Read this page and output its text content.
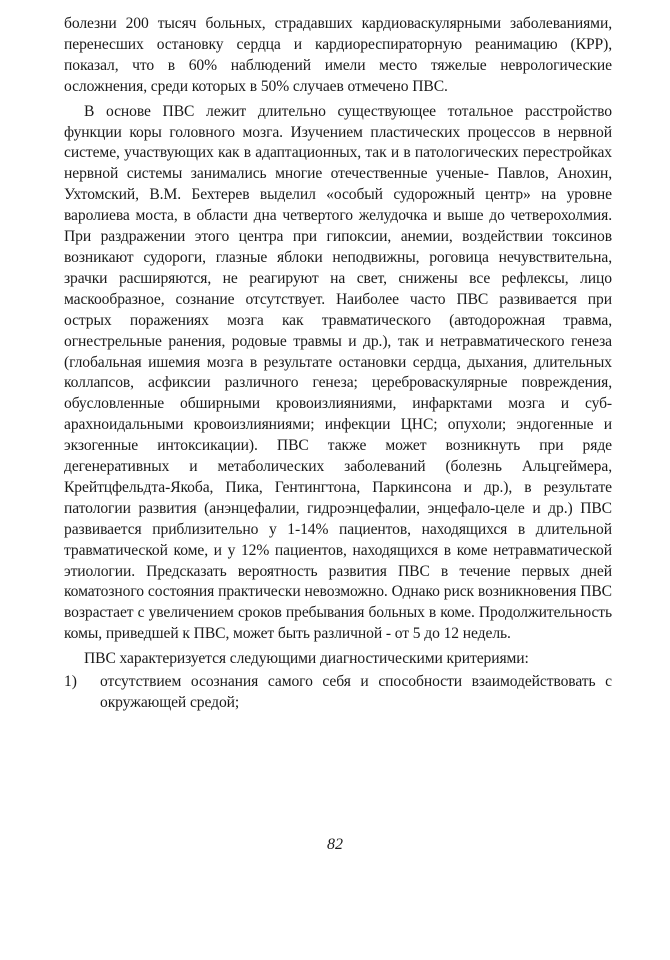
болезни 200 тысяч больных, страдавших кардиоваскулярными заболеваниями, перенесших остановку сердца и кардиореспираторную реанимацию (КРР), показал, что в 60% наблюдений имели место тяжелые неврологические осложнения, среди которых в 50% случаев отмечено ПВС.

В основе ПВС лежит длительно существующее тотальное расстройство функции коры головного мозга. Изучением пластических процессов в нервной системе, участвующих как в адаптационных, так и в патологических перестройках нервной системы занимались многие отечественные ученые- Павлов, Анохин, Ухтомский, В.М. Бехтерев выделил «особый судорожный центр» на уровне варолиева моста, в области дна четвертого желудочка и выше до четверохолмия. При раздражении этого центра при гипоксии, анемии, воздействии токсинов возникают судороги, глазные яблоки неподвижны, роговица нечувствительна, зрачки расширяются, не реагируют на свет, снижены все рефлексы, лицо маскообразное, сознание отсутствует. Наиболее часто ПВС развивается при острых поражениях мозга как травматического (автодорожная травма, огнестрельные ранения, родовые травмы и др.), так и нетравматического генеза (глобальная ишемия мозга в результате остановки сердца, дыхания, длительных коллапсов, асфиксии различного генеза; цереброваскулярные повреждения, обусловленные обширными кровоизлияниями, инфарктами мозга и суб-арахноидальными кровоизлияниями; инфекции ЦНС; опухоли; эндогенные и экзогенные интоксикации). ПВС также может возникнуть при ряде дегенеративных и метаболических заболеваний (болезнь Альцгеймера, Крейтцфельдта-Якоба, Пика, Гентингтона, Паркинсона и др.), в результате патологии развития (анэнцефалии, гидроэнцефалии, энцефало-целе и др.) ПВС развивается приблизительно у 1-14% пациентов, находящихся в длительной травматической коме, и у 12% пациентов, находящихся в коме нетравматической этиологии. Предсказать вероятность развития ПВС в течение первых дней коматозного состояния практически невозможно. Однако риск возникновения ПВС возрастает с увеличением сроков пребывания больных в коме. Продолжительность комы, приведшей к ПВС, может быть различной - от 5 до 12 недель.

ПВС характеризуется следующими диагностическими критериями:

1)	отсутствием осознания самого себя и способности взаимодействовать с окружающей средой;
82
